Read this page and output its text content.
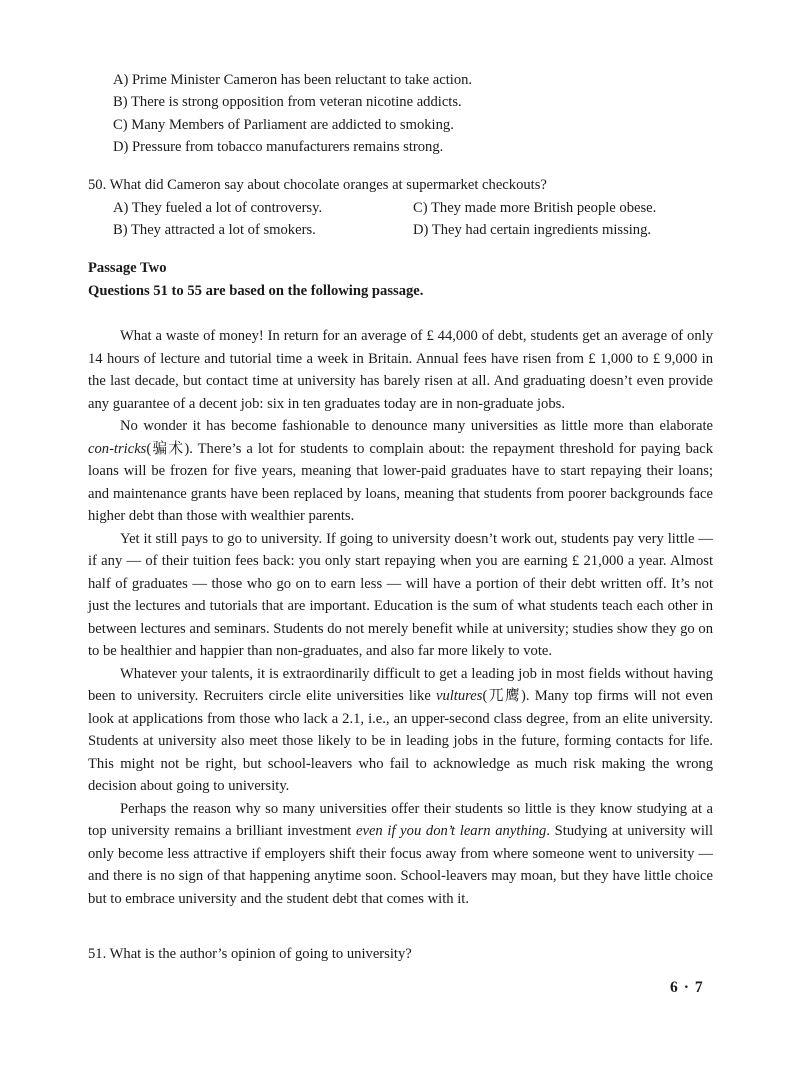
A) Prime Minister Cameron has been reluctant to take action.
B) There is strong opposition from veteran nicotine addicts.
C) Many Members of Parliament are addicted to smoking.
D) Pressure from tobacco manufacturers remains strong.
50. What did Cameron say about chocolate oranges at supermarket checkouts?
A) They fueled a lot of controversy.	C) They made more British people obese.
B) They attracted a lot of smokers.	D) They had certain ingredients missing.
Passage Two
Questions 51 to 55 are based on the following passage.

What a waste of money! In return for an average of £ 44,000 of debt, students get an average of only 14 hours of lecture and tutorial time a week in Britain. Annual fees have risen from £ 1,000 to £ 9,000 in the last decade, but contact time at university has barely risen at all. And graduating doesn’t even provide any guarantee of a decent job: six in ten graduates today are in non-graduate jobs.

No wonder it has become fashionable to denounce many universities as little more than elaborate con-tricks(骗术). There’s a lot for students to complain about: the repayment threshold for paying back loans will be frozen for five years, meaning that lower-paid graduates have to start repaying their loans; and maintenance grants have been replaced by loans, meaning that students from poorer backgrounds face higher debt than those with wealthier parents.

Yet it still pays to go to university. If going to university doesn’t work out, students pay very little — if any — of their tuition fees back: you only start repaying when you are earning £ 21,000 a year. Almost half of graduates — those who go on to earn less — will have a portion of their debt written off. It’s not just the lectures and tutorials that are important. Education is the sum of what students teach each other in between lectures and seminars. Students do not merely benefit while at university; studies show they go on to be healthier and happier than non-graduates, and also far more likely to vote.

Whatever your talents, it is extraordinarily difficult to get a leading job in most fields without having been to university. Recruiters circle elite universities like vultures(兀鹰). Many top firms will not even look at applications from those who lack a 2.1, i.e., an upper-second class degree, from an elite university. Students at university also meet those likely to be in leading jobs in the future, forming contacts for life. This might not be right, but school-leavers who fail to acknowledge as much risk making the wrong decision about going to university.

Perhaps the reason why so many universities offer their students so little is they know studying at a top university remains a brilliant investment even if you don’t learn anything. Studying at university will only become less attractive if employers shift their focus away from where someone went to university — and there is no sign of that happening anytime soon. School-leavers may moan, but they have little choice but to embrace university and the student debt that comes with it.

51. What is the author’s opinion of going to university?
6 · 7
